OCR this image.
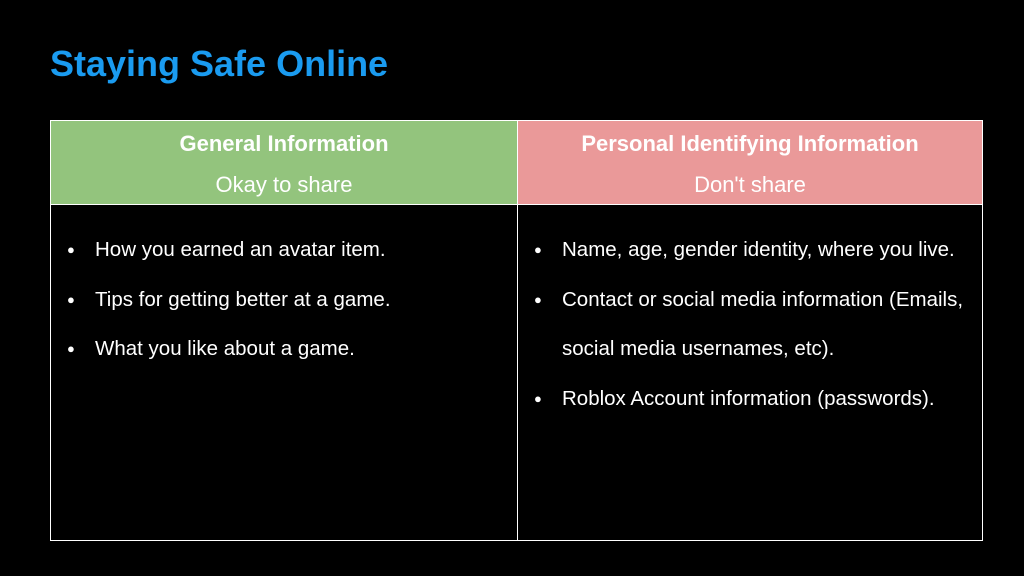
Staying Safe Online
General Information
Okay to share
● How you earned an avatar item.
● Tips for getting better at a game.
● What you like about a game.
Personal Identifying Information
Don't share
● Name, age, gender identity, where you live.
● Contact or social media information (Emails, social media usernames, etc).
● Roblox Account information (passwords).
